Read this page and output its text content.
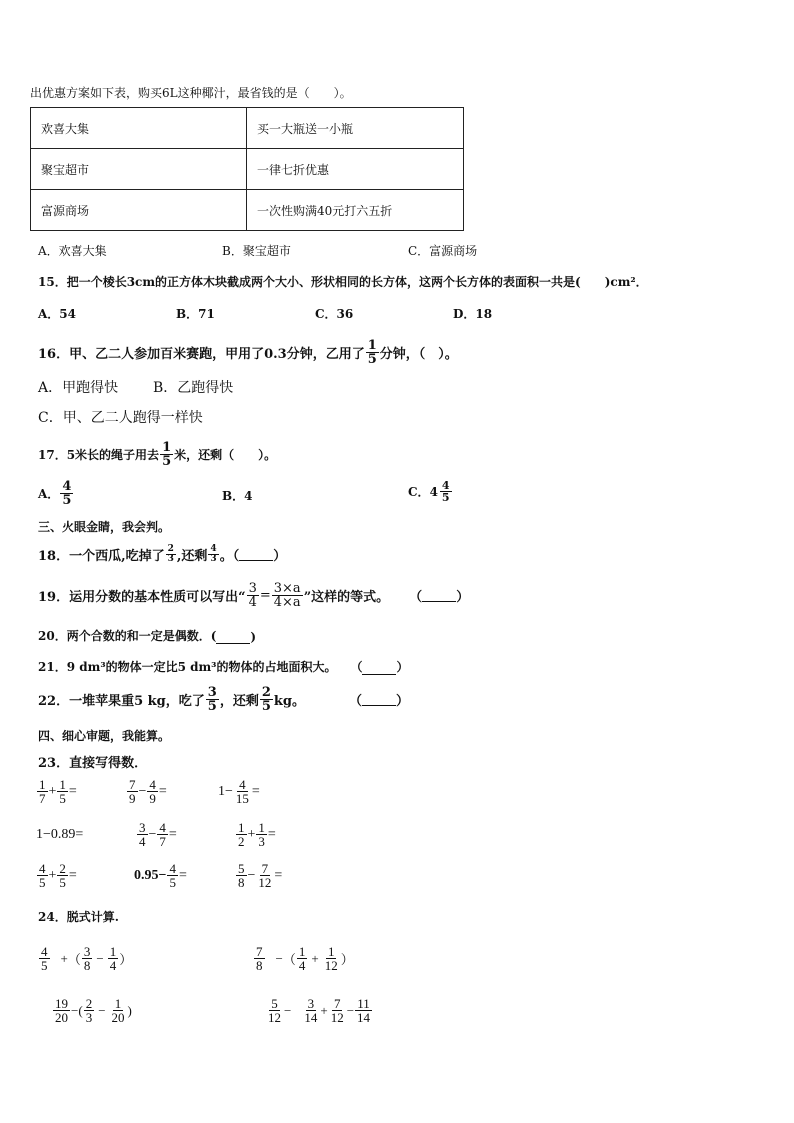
出优惠方案如下表，购买6L这种椰汁，最省钱的是（　　）。
欢喜大集	买一大瓶送一小瓶
聚宝超市	一律七折优惠
富源商场	一次性购满40元打六五折
A．欢喜大集	B．聚宝超市	C．富源商场
15．把一个棱长3cm的正方体木块截成两个大小、形状相同的长方体，这两个长方体的表面积一共是(　　)cm²．
A．54	B．71	C．36	D．18
16．甲、乙二人参加百米赛跑，甲用了0.3分钟，乙用了 $\frac{1}{5}$ 分钟，（　）。
A．甲跑得快 B．乙跑得快
C．甲、乙二人跑得一样快
17．5米长的绳子用去 $\frac{1}{5}$ 米，还剩（　　）。
A． $\frac{4}{5}$	B．4	C． $4 \frac{4}{5}$
三、火眼金睛，我会判。
18．一个西瓜,吃掉了 $\frac{2}{3}$ ,还剩 $\frac{4}{3}$ 。（	）
19．运用分数的基本性质可以写出“ $\frac{3}{4} = \frac{3\times a}{4\times a}$ ”这样的等式。 （	）
20．两个合数的和一定是偶数．(	)
21．9 dm³的物体一定比5 dm³的物体的占地面积大。 （	）
22．一堆苹果重5 kg，吃了 $\frac{3}{5}$ ，还剩 $\frac{2}{5}$ kg。	（	）
四、细心审题，我能算。
23．直接写得数．
$\frac{1}{7} + \frac{1}{5}$ =	$\frac{7}{9} - \frac{4}{9}$ =	$1- \frac{4}{15}$ =
1−0.89=	$\frac{3}{4} - \frac{4}{7}$ =	$\frac{1}{2} + \frac{1}{3}$ =
$\frac{4}{5} + \frac{2}{5}$ =	$0.95- \frac{4}{5}$ =	$\frac{5}{8} - \frac{7}{12}$ =
24．脱式计算.
$\frac{4}{5}$ + （ $\frac{3}{8} - \frac{1}{4}$ ）	$\frac{7}{8}$ − （ $\frac{1}{4} + \frac{1}{12}$ ）
$\frac{19}{20}$ − ( $\frac{2}{3} - \frac{1}{20}$ )	$\frac{5}{12} - \frac{3}{14} + \frac{7}{12} - \frac{11}{14}$
